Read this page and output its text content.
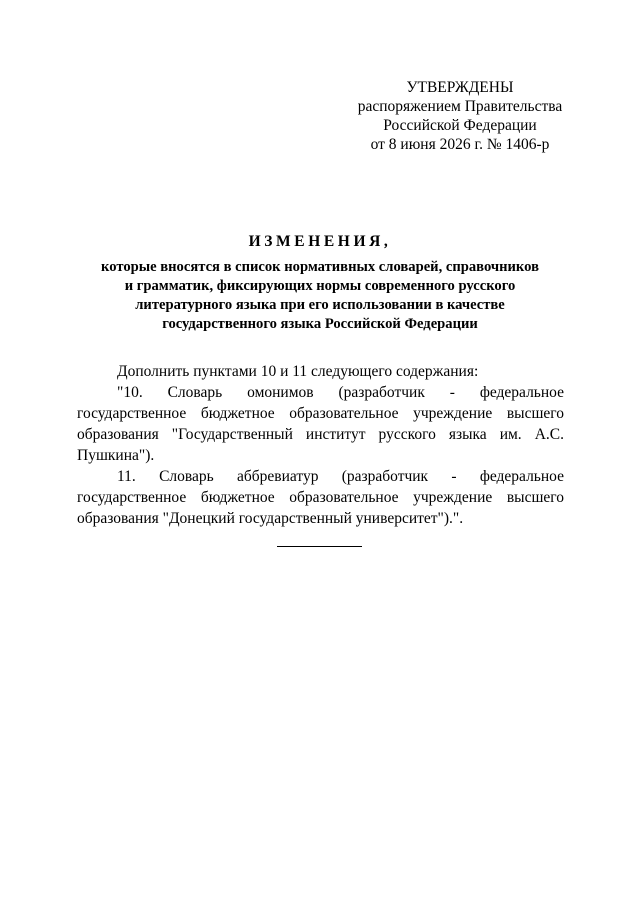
УТВЕРЖДЕНЫ
распоряжением Правительства
Российской Федерации
от 8 июня 2026 г. № 1406-р
ИЗМЕНЕНИЯ,
которые вносятся в список нормативных словарей, справочников
и грамматик, фиксирующих нормы современного русского
литературного языка при его использовании в качестве
государственного языка Российской Федерации

Дополнить пунктами 10 и 11 следующего содержания:

"10. Словарь омонимов (разработчик - федеральное государственное бюджетное образовательное учреждение высшего образования "Государственный институт русского языка им. А.С. Пушкина").

11. Словарь аббревиатур (разработчик - федеральное государственное бюджетное образовательное учреждение высшего образования "Донецкий государственный университет").".
